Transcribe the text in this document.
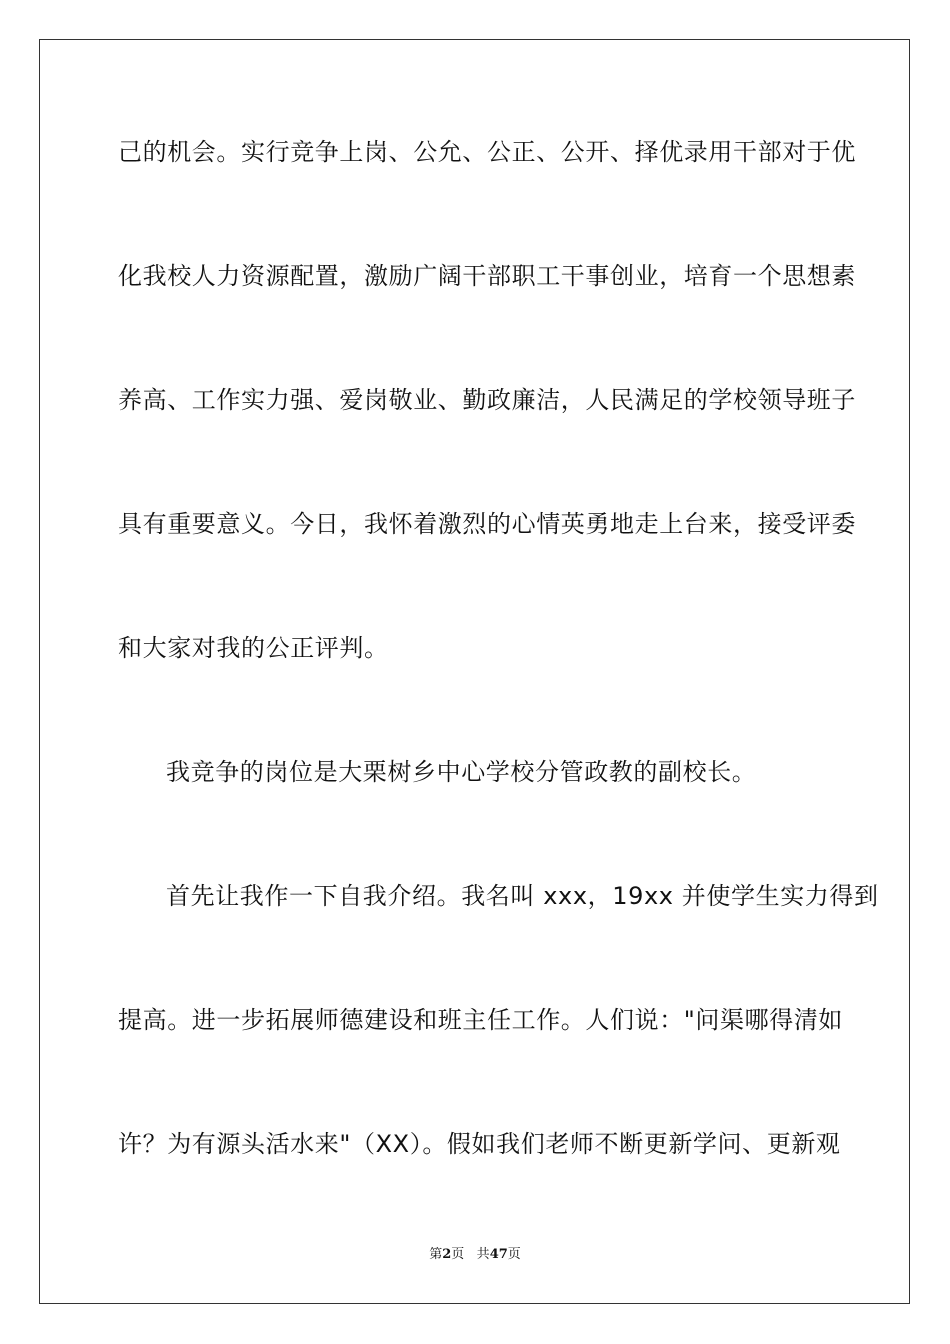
己的机会。实行竞争上岗、公允、公正、公开、择优录用干部对于优
化我校人力资源配置，激励广阔干部职工干事创业，培育一个思想素
养高、工作实力强、爱岗敬业、勤政廉洁，人民满足的学校领导班子
具有重要意义。今日，我怀着激烈的心情英勇地走上台来，接受评委
和大家对我的公正评判。
我竞争的岗位是大栗树乡中心学校分管政教的副校长。
首先让我作一下自我介绍。我名叫 xxx，19xx 并使学生实力得到
提高。进一步拓展师德建设和班主任工作。人们说："问渠哪得清如
许？为有源头活水来"（XX）。假如我们老师不断更新学问、更新观
第2页 共47页
